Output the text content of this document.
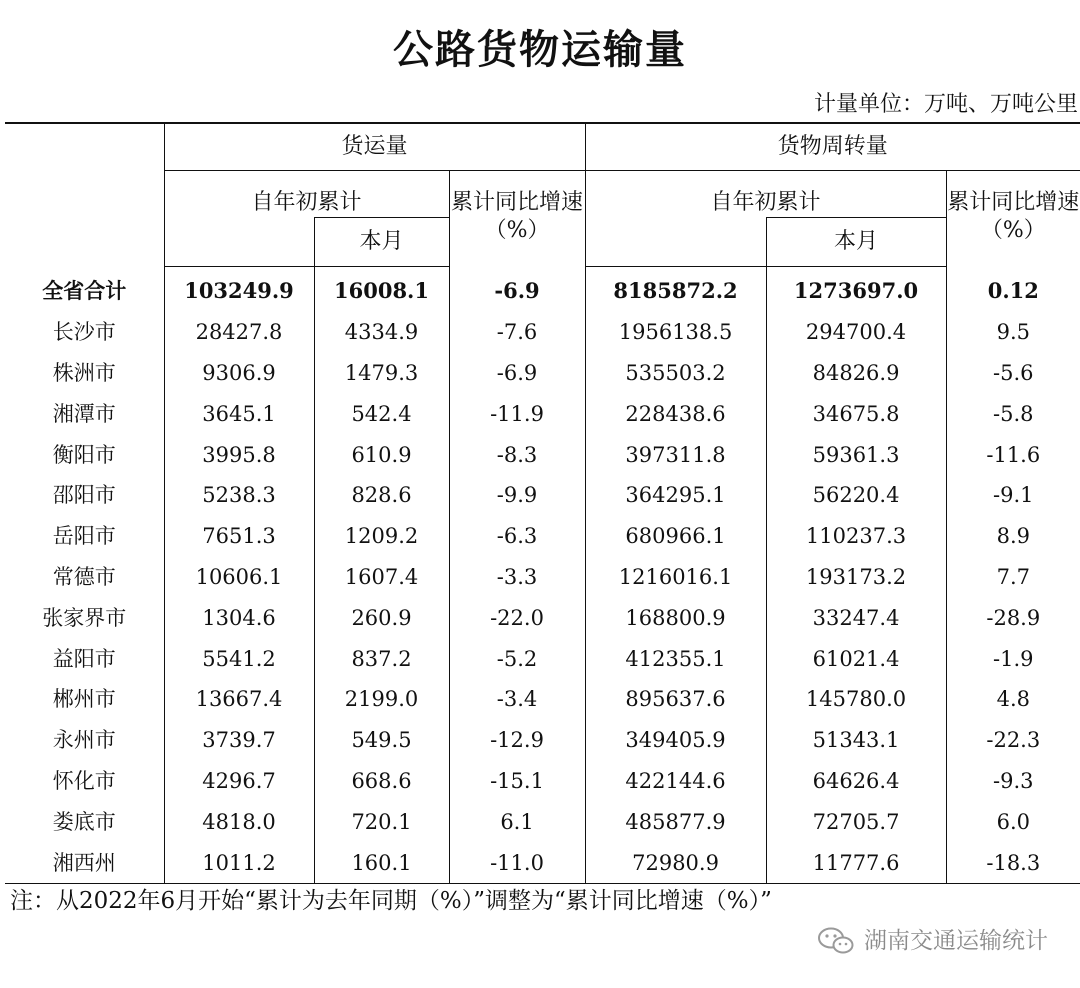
公路货物运输量
计量单位：万吨、万吨公里
	货运量			货物周转量		
	自年初累计		累计同比增速（%）	自年初累计		累计同比增速（%）
		本月			本月	
全省合计	103249.9	16008.1	-6.9	8185872.2	1273697.0	0.12
长沙市	28427.8	4334.9	-7.6	1956138.5	294700.4	9.5
株洲市	9306.9	1479.3	-6.9	535503.2	84826.9	-5.6
湘潭市	3645.1	542.4	-11.9	228438.6	34675.8	-5.8
衡阳市	3995.8	610.9	-8.3	397311.8	59361.3	-11.6
邵阳市	5238.3	828.6	-9.9	364295.1	56220.4	-9.1
岳阳市	7651.3	1209.2	-6.3	680966.1	110237.3	8.9
常德市	10606.1	1607.4	-3.3	1216016.1	193173.2	7.7
张家界市	1304.6	260.9	-22.0	168800.9	33247.4	-28.9
益阳市	5541.2	837.2	-5.2	412355.1	61021.4	-1.9
郴州市	13667.4	2199.0	-3.4	895637.6	145780.0	4.8
永州市	3739.7	549.5	-12.9	349405.9	51343.1	-22.3
怀化市	4296.7	668.6	-15.1	422144.6	64626.4	-9.3
娄底市	4818.0	720.1	6.1	485877.9	72705.7	6.0
湘西州	1011.2	160.1	-11.0	72980.9	11777.6	-18.3
注：从2022年6月开始“累计为去年同期（%）”调整为“累计同比增速（%）”
湖南交通运输统计
